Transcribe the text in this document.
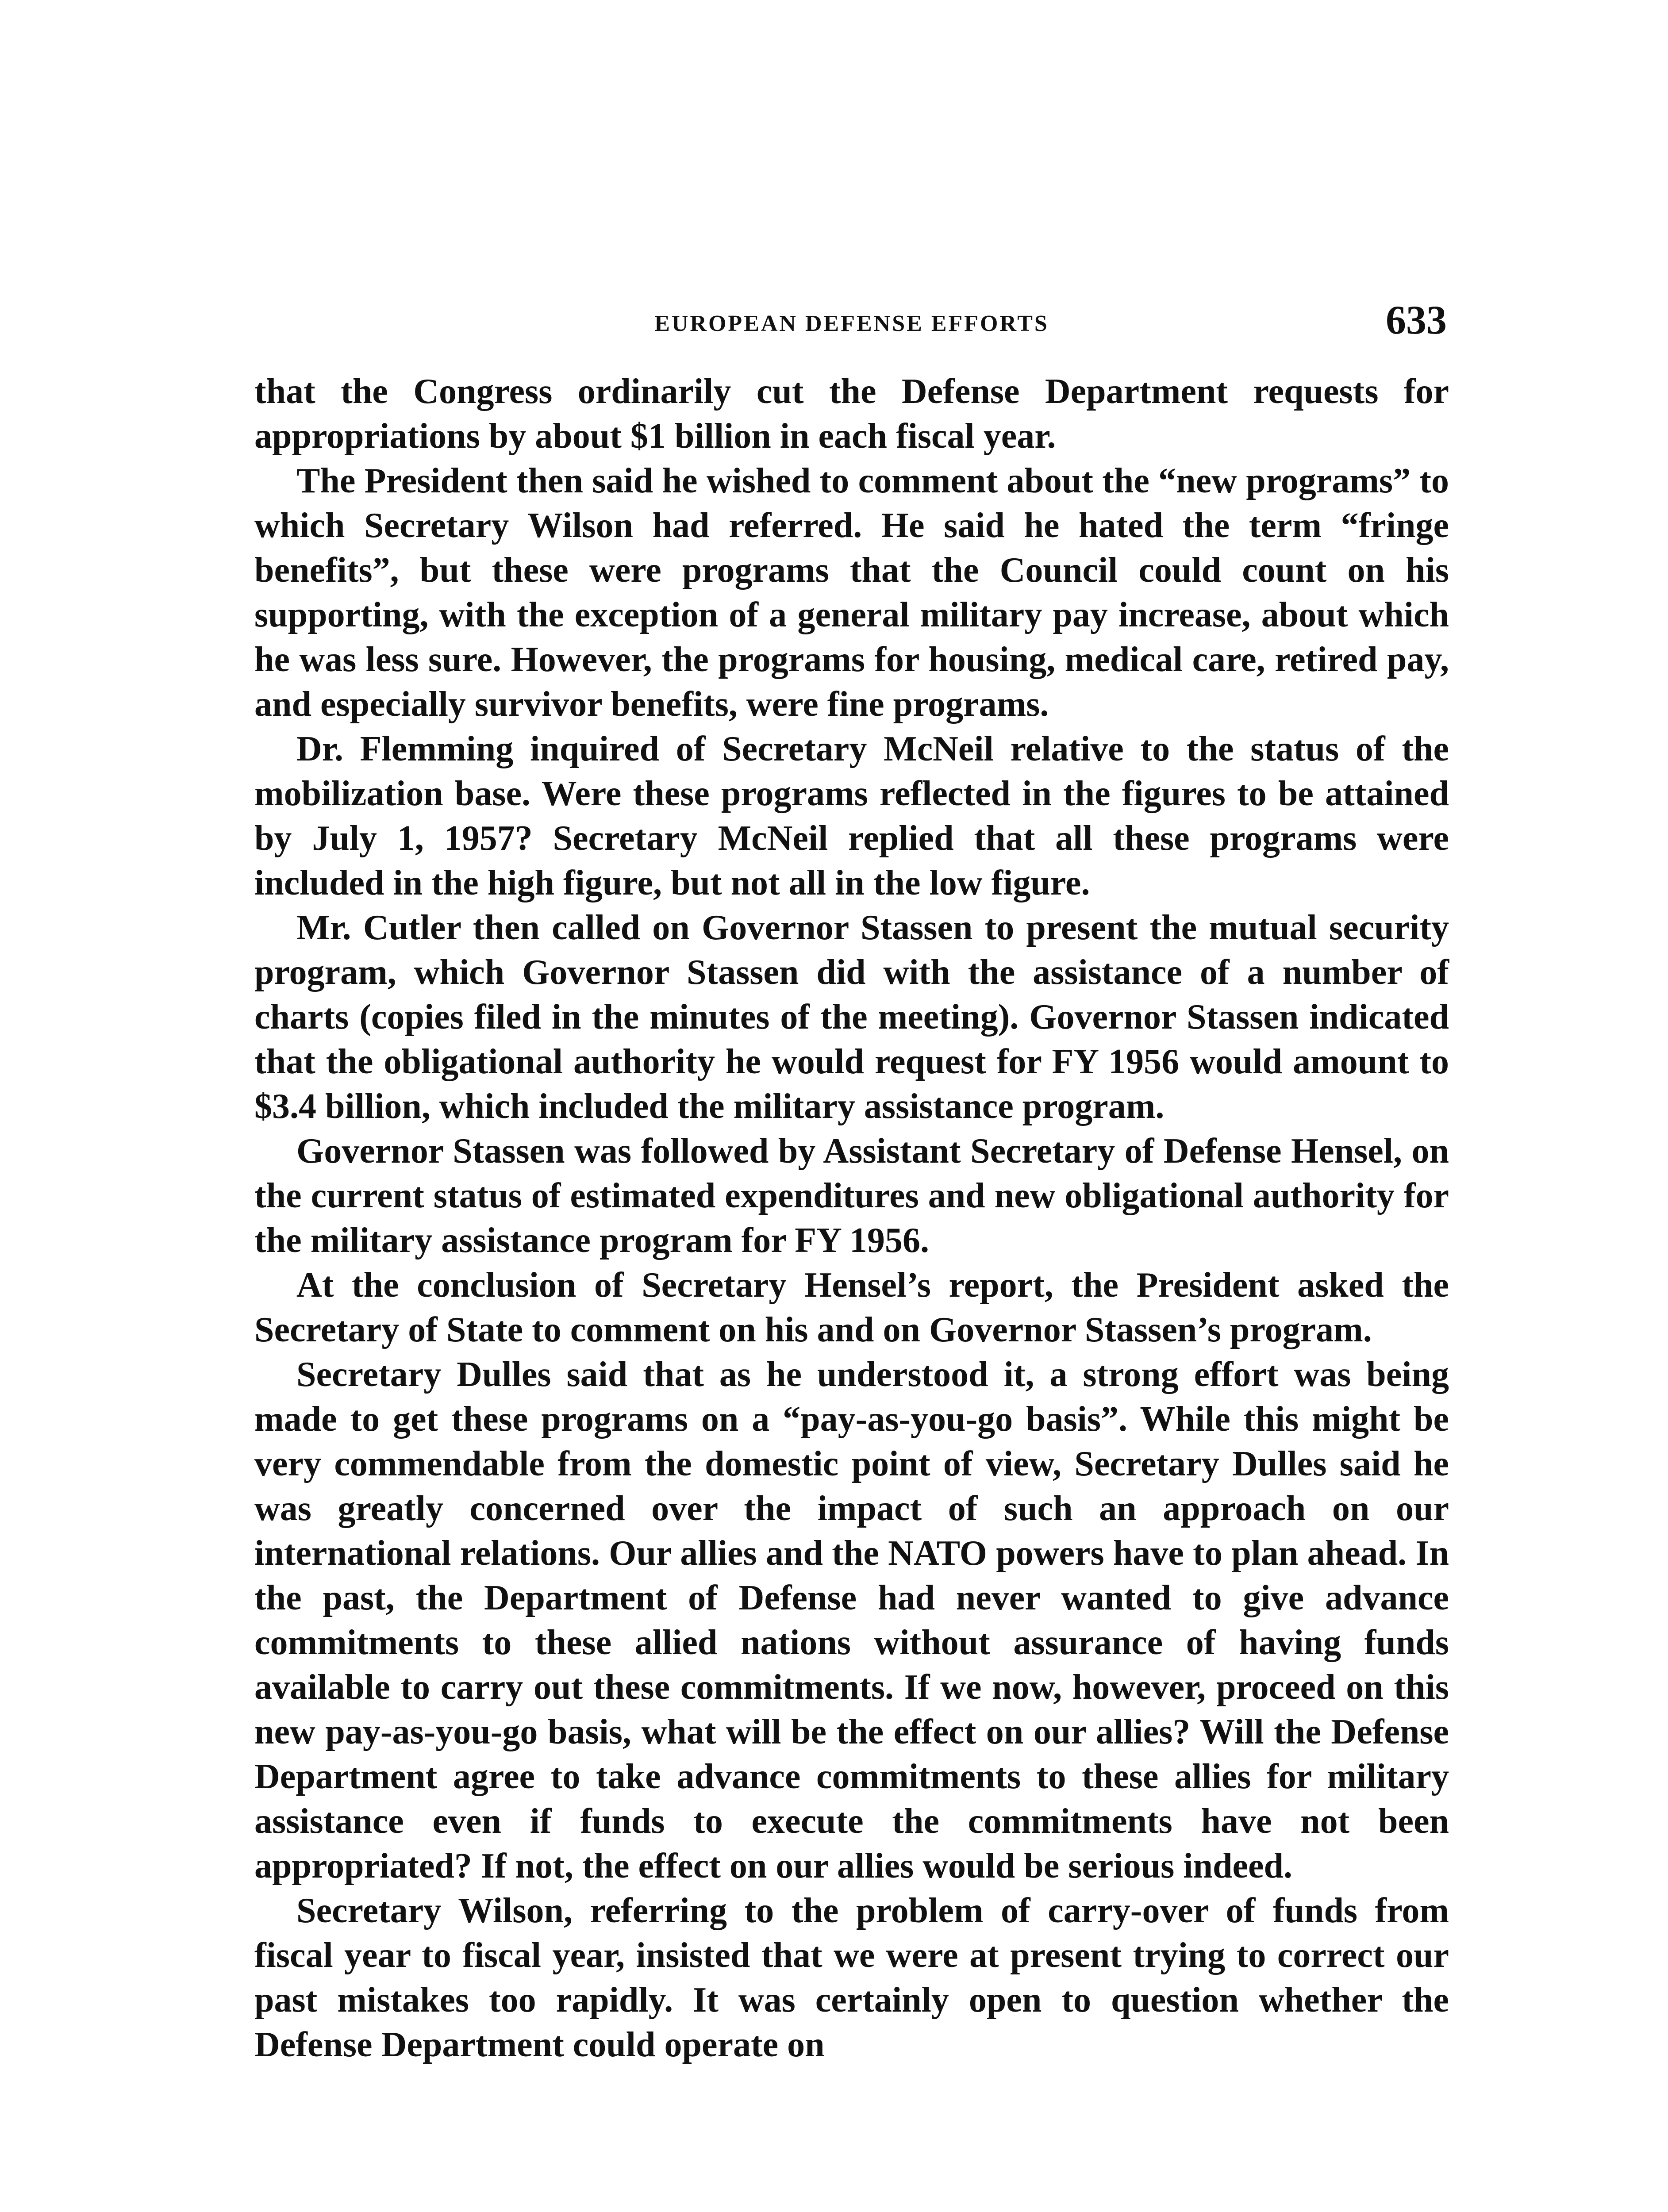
EUROPEAN DEFENSE EFFORTS	633

that the Congress ordinarily cut the Defense Department requests for appropriations by about $1 billion in each fiscal year.

The President then said he wished to comment about the “new programs” to which Secretary Wilson had referred. He said he hated the term “fringe benefits”, but these were programs that the Council could count on his supporting, with the exception of a general military pay increase, about which he was less sure. However, the programs for housing, medical care, retired pay, and especially survivor benefits, were fine programs.

Dr. Flemming inquired of Secretary McNeil relative to the status of the mobilization base. Were these programs reflected in the figures to be attained by July 1, 1957? Secretary McNeil replied that all these programs were included in the high figure, but not all in the low figure.

Mr. Cutler then called on Governor Stassen to present the mutual security program, which Governor Stassen did with the assistance of a number of charts (copies filed in the minutes of the meeting). Governor Stassen indicated that the obligational authority he would request for FY 1956 would amount to $3.4 billion, which included the military assistance program.

Governor Stassen was followed by Assistant Secretary of Defense Hensel, on the current status of estimated expenditures and new obligational authority for the military assistance program for FY 1956.

At the conclusion of Secretary Hensel’s report, the President asked the Secretary of State to comment on his and on Governor Stassen’s program.

Secretary Dulles said that as he understood it, a strong effort was being made to get these programs on a “pay-as-you-go basis”. While this might be very commendable from the domestic point of view, Secretary Dulles said he was greatly concerned over the impact of such an approach on our international relations. Our allies and the NATO powers have to plan ahead. In the past, the Department of Defense had never wanted to give advance commitments to these allied nations without assurance of having funds available to carry out these commitments. If we now, however, proceed on this new pay-as-you-go basis, what will be the effect on our allies? Will the Defense Department agree to take advance commitments to these allies for military assistance even if funds to execute the commitments have not been appropriated? If not, the effect on our allies would be serious indeed.

Secretary Wilson, referring to the problem of carry-over of funds from fiscal year to fiscal year, insisted that we were at present trying to correct our past mistakes too rapidly. It was certainly open to question whether the Defense Department could operate on
